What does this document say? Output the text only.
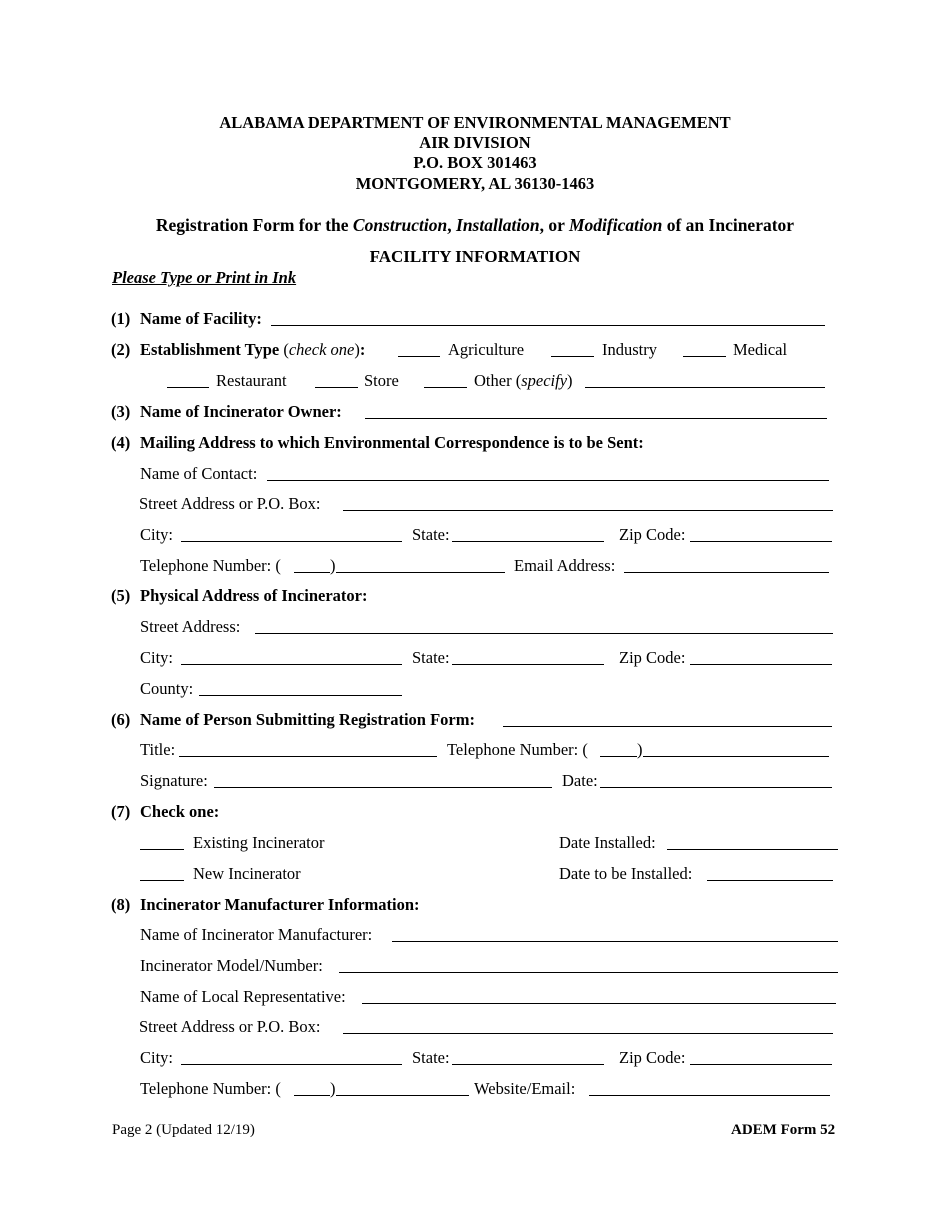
ALABAMA DEPARTMENT OF ENVIRONMENTAL MANAGEMENT
AIR DIVISION
P.O. BOX 301463
MONTGOMERY, AL 36130-1463
Registration Form for the Construction, Installation, or Modification of an Incinerator
FACILITY INFORMATION
Please Type or Print in Ink
(1) Name of Facility:
(2) Establishment Type (check one):	Agriculture	Industry	Medical
Restaurant	Store	Other (specify)
(3) Name of Incinerator Owner:
(4) Mailing Address to which Environmental Correspondence is to be Sent:
Name of Contact:
Street Address or P.O. Box:
City:	State:	Zip Code:
Telephone Number: (	)	Email Address:
(5) Physical Address of Incinerator:
Street Address:
City:	State:	Zip Code:
County:
(6) Name of Person Submitting Registration Form:
Title:	Telephone Number: (	)
Signature:	Date:
(7) Check one:
Existing Incinerator	Date Installed:
New Incinerator	Date to be Installed:
(8) Incinerator Manufacturer Information:
Name of Incinerator Manufacturer:
Incinerator Model/Number:
Name of Local Representative:
Street Address or P.O. Box:
City:	State:	Zip Code:
Telephone Number: (	)	Website/Email:
Page 2 (Updated 12/19)	ADEM Form 52
